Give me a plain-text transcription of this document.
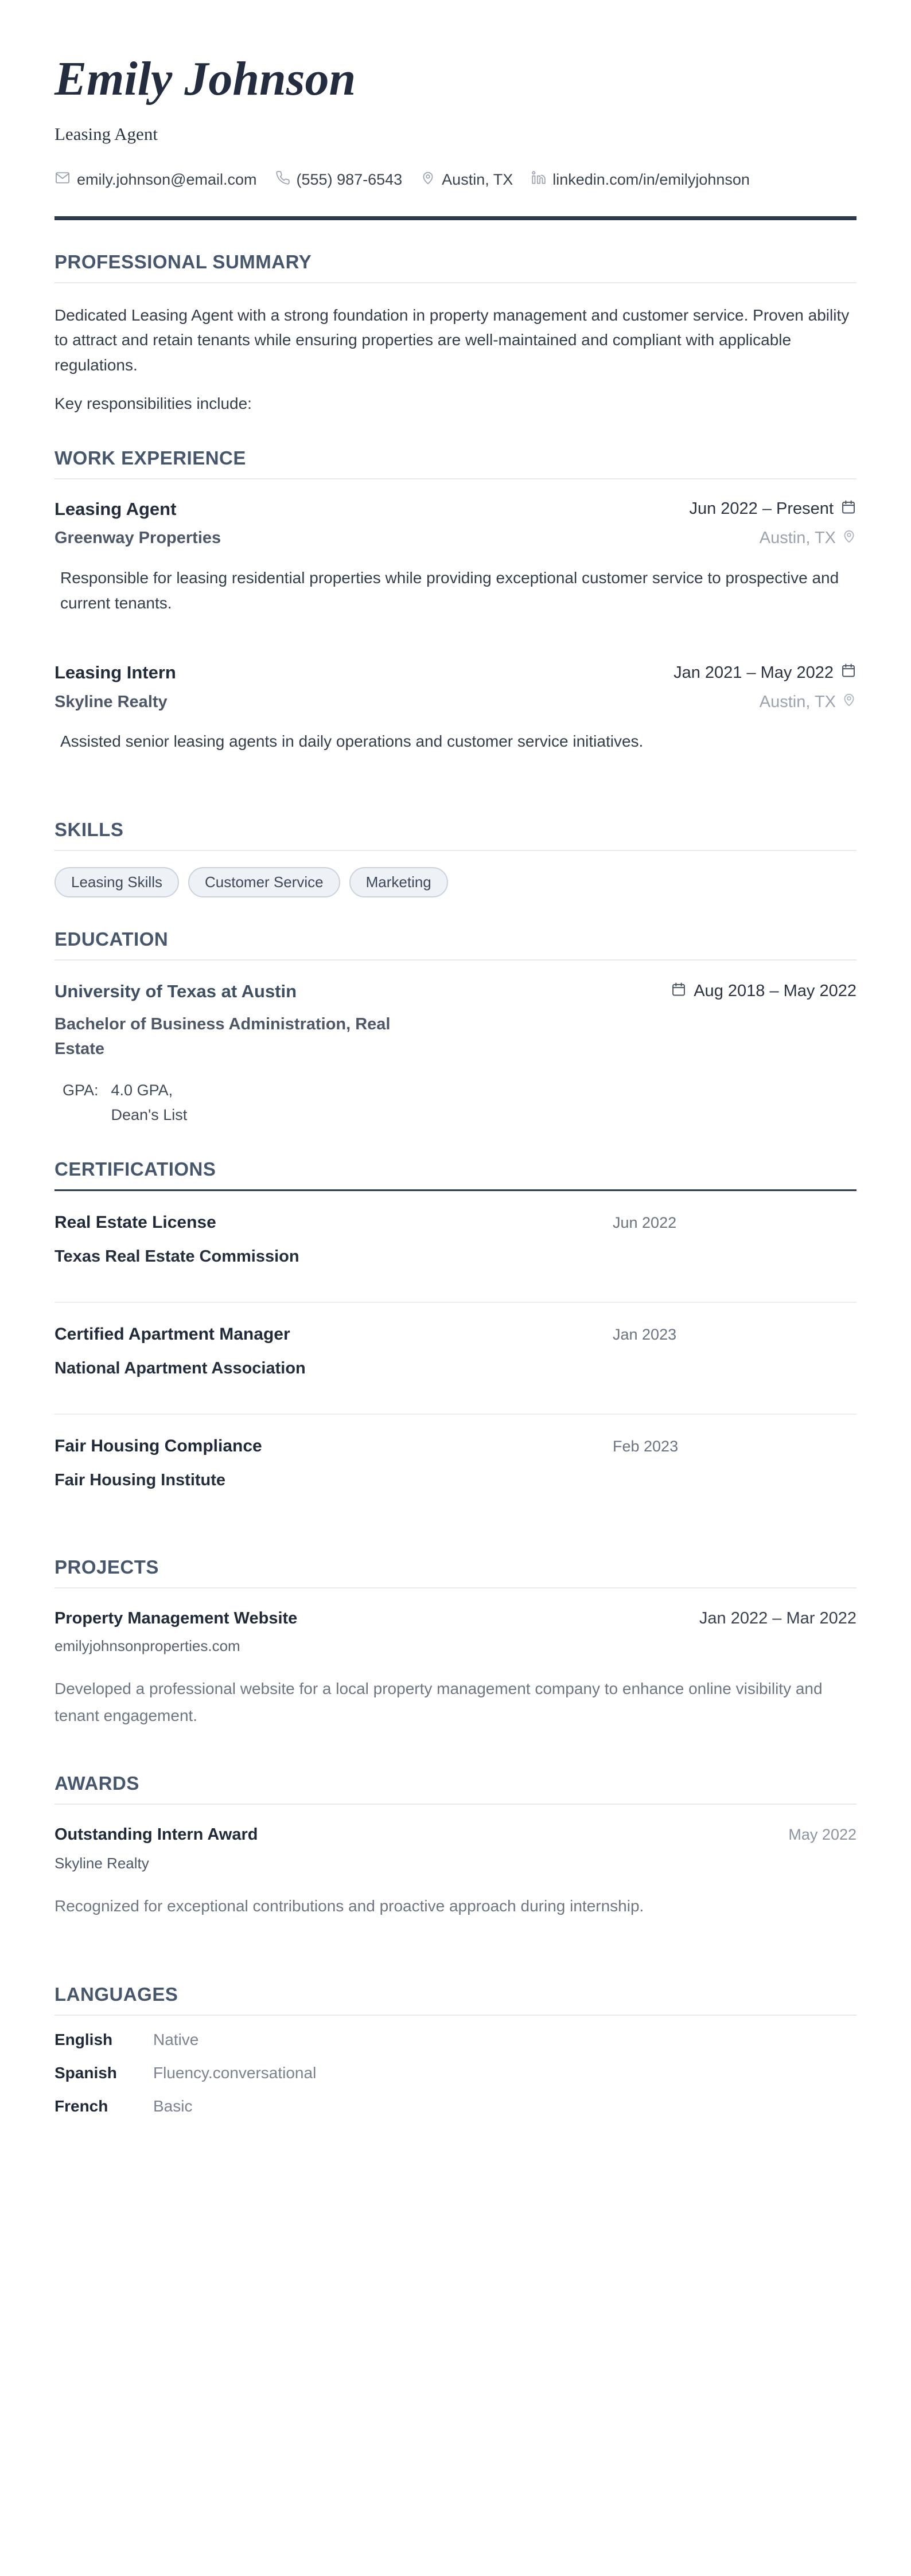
Emily Johnson
Leasing Agent
emily.johnson@email.com	(555) 987-6543	Austin, TX	linkedin.com/in/emilyjohnson
PROFESSIONAL SUMMARY

Dedicated Leasing Agent with a strong foundation in property management and customer service. Proven ability to attract and retain tenants while ensuring properties are well-maintained and compliant with applicable regulations.

Key responsibilities include:

WORK EXPERIENCE
Leasing Agent	Jun 2022 – Present
Greenway Properties	Austin, TX

Responsible for leasing residential properties while providing exceptional customer service to prospective and current tenants.

Leasing Intern	Jan 2021 – May 2022
Skyline Realty	Austin, TX

Assisted senior leasing agents in daily operations and customer service initiatives.

SKILLS
Leasing Skills	Customer Service	Marketing
EDUCATION
University of Texas at Austin	Aug 2018 – May 2022
Bachelor of Business Administration, Real Estate
GPA: 4.0 GPA,
Dean's List
CERTIFICATIONS
Real Estate License	Jun 2022
Texas Real Estate Commission
Certified Apartment Manager	Jan 2023
National Apartment Association
Fair Housing Compliance	Feb 2023
Fair Housing Institute
PROJECTS
Property Management Website	Jan 2022 – Mar 2022
emilyjohnsonproperties.com

Developed a professional website for a local property management company to enhance online visibility and tenant engagement.

AWARDS
Outstanding Intern Award	May 2022
Skyline Realty

Recognized for exceptional contributions and proactive approach during internship.

LANGUAGES
English	Native
Spanish	Fluency.conversational
French	Basic
